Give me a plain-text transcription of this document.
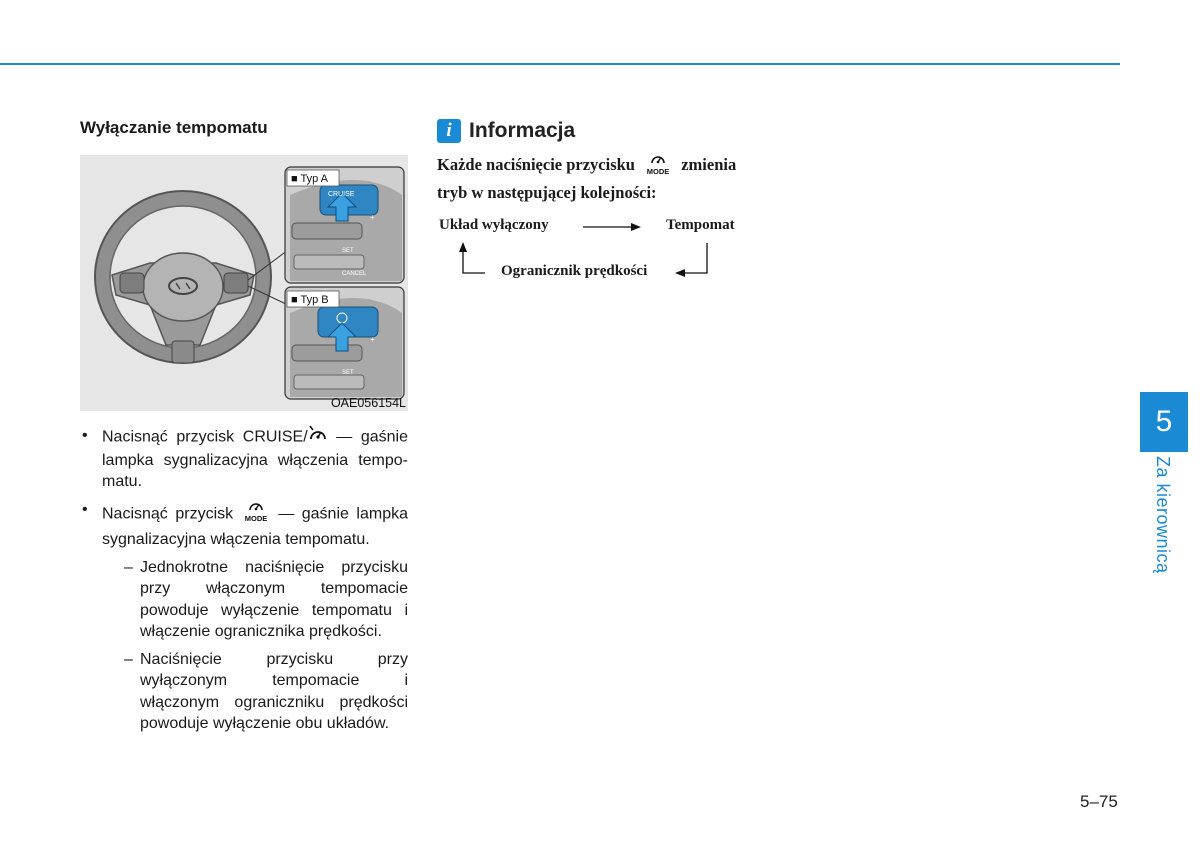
Wyłączanie tempomatu
+
+
■ Typ A
■ Typ B
CRUISE
SET
SET
CANCEL
OAE056154L
• Nacisnąć przycisk CRUISE/ — gaśnie lampka sygnalizacyjna włączenia tempomatu.
• Nacisnąć przycisk MODE — gaśnie lampka sygnalizacyjna włączenia tempomatu.
– Jednokrotne naciśnięcie przycisku przy włączonym tempomacie powoduje wyłączenie tempomatu i włączenie ogranicznika prędkości.
– Naciśnięcie przycisku przy wyłączonym tempomacie i włączonym ograniczniku prędkości powoduje wyłączenie obu układów.
i Informacja
Każde naciśnięcie przycisku MODE zmienia tryb w następującej kolejności:
Układ wyłączony	Tempomat
Ogranicznik prędkości
5
Za kierownicą
5–75
